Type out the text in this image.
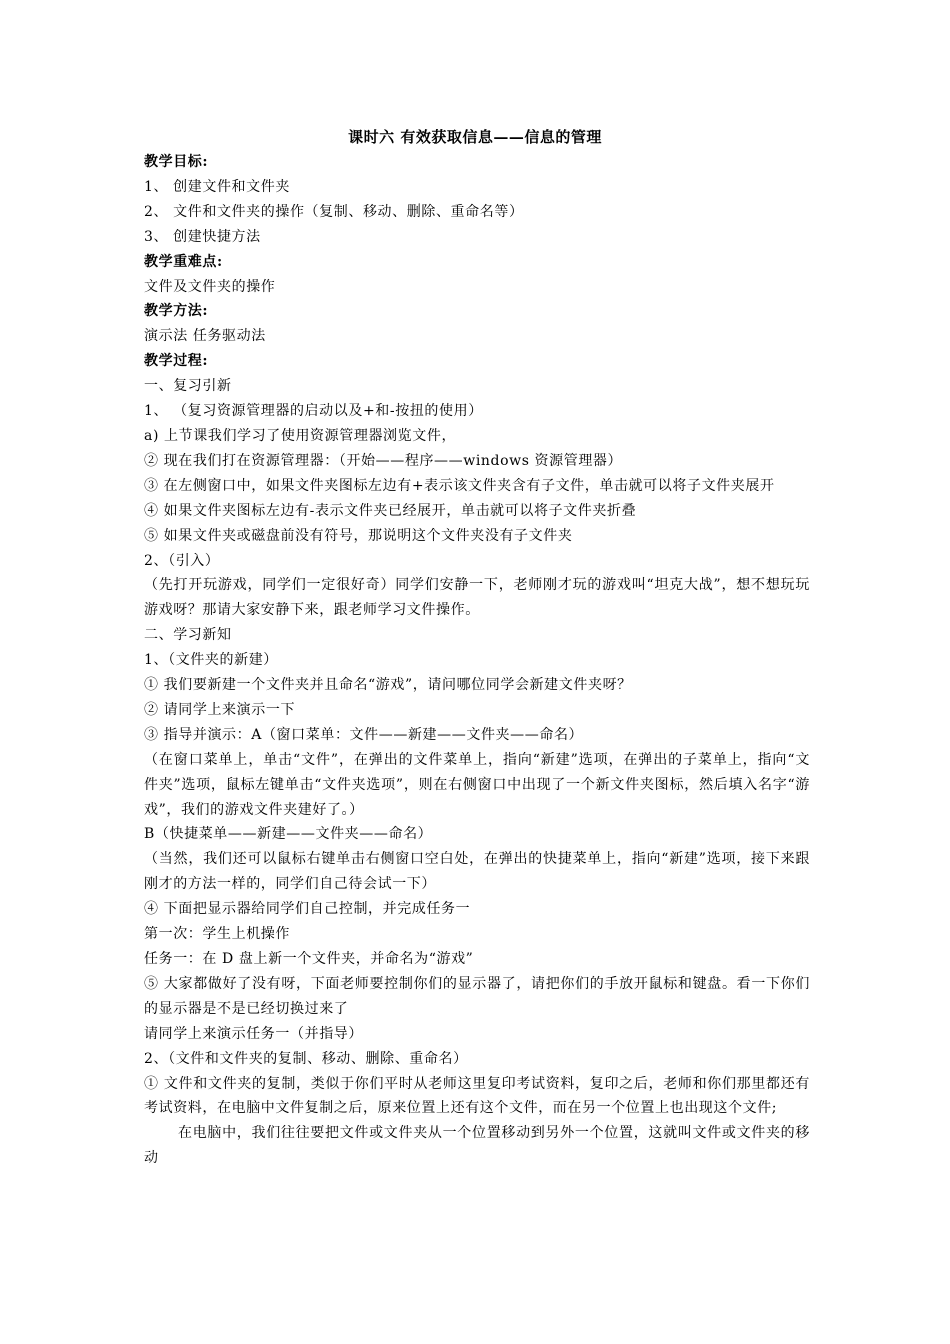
课时六 有效获取信息——信息的管理

教学目标:

1、 创建文件和文件夹

2、 文件和文件夹的操作（复制、移动、删除、重命名等）

3、 创建快捷方法

教学重难点:

文件及文件夹的操作

教学方法:

演示法 任务驱动法

教学过程:

一、复习引新

1、 （复习资源管理器的启动以及+和-按扭的使用）

a) 上节课我们学习了使用资源管理器浏览文件，

② 现在我们打在资源管理器：（开始——程序——windows 资源管理器）

③ 在左侧窗口中，如果文件夹图标左边有+表示该文件夹含有子文件，单击就可以将子文件夹展开

④ 如果文件夹图标左边有-表示文件夹已经展开，单击就可以将子文件夹折叠

⑤ 如果文件夹或磁盘前没有符号，那说明这个文件夹没有子文件夹

2、（引入）

（先打开玩游戏，同学们一定很好奇）同学们安静一下，老师刚才玩的游戏叫“坦克大战”，想不想玩玩游戏呀？那请大家安静下来，跟老师学习文件操作。

二、学习新知

1、（文件夹的新建）

① 我们要新建一个文件夹并且命名“游戏”，请问哪位同学会新建文件夹呀？

② 请同学上来演示一下

③ 指导并演示：A（窗口菜单：文件——新建——文件夹——命名）

（在窗口菜单上，单击“文件”，在弹出的文件菜单上，指向“新建”选项，在弹出的子菜单上，指向“文件夹”选项，鼠标左键单击“文件夹选项”，则在右侧窗口中出现了一个新文件夹图标，然后填入名字“游戏”，我们的游戏文件夹建好了。）

B（快捷菜单——新建——文件夹——命名）

（当然，我们还可以鼠标右键单击右侧窗口空白处，在弹出的快捷菜单上，指向“新建”选项，接下来跟刚才的方法一样的，同学们自己待会试一下）

④ 下面把显示器给同学们自己控制，并完成任务一

第一次：学生上机操作

任务一：在 D 盘上新一个文件夹，并命名为“游戏”

⑤ 大家都做好了没有呀，下面老师要控制你们的显示器了，请把你们的手放开鼠标和键盘。看一下你们的显示器是不是已经切换过来了

请同学上来演示任务一（并指导）

2、（文件和文件夹的复制、移动、删除、重命名）

① 文件和文件夹的复制，类似于你们平时从老师这里复印考试资料，复印之后，老师和你们那里都还有考试资料，在电脑中文件复制之后，原来位置上还有这个文件，而在另一个位置上也出现这个文件;

在电脑中，我们往往要把文件或文件夹从一个位置移动到另外一个位置，这就叫文件或文件夹的移动
